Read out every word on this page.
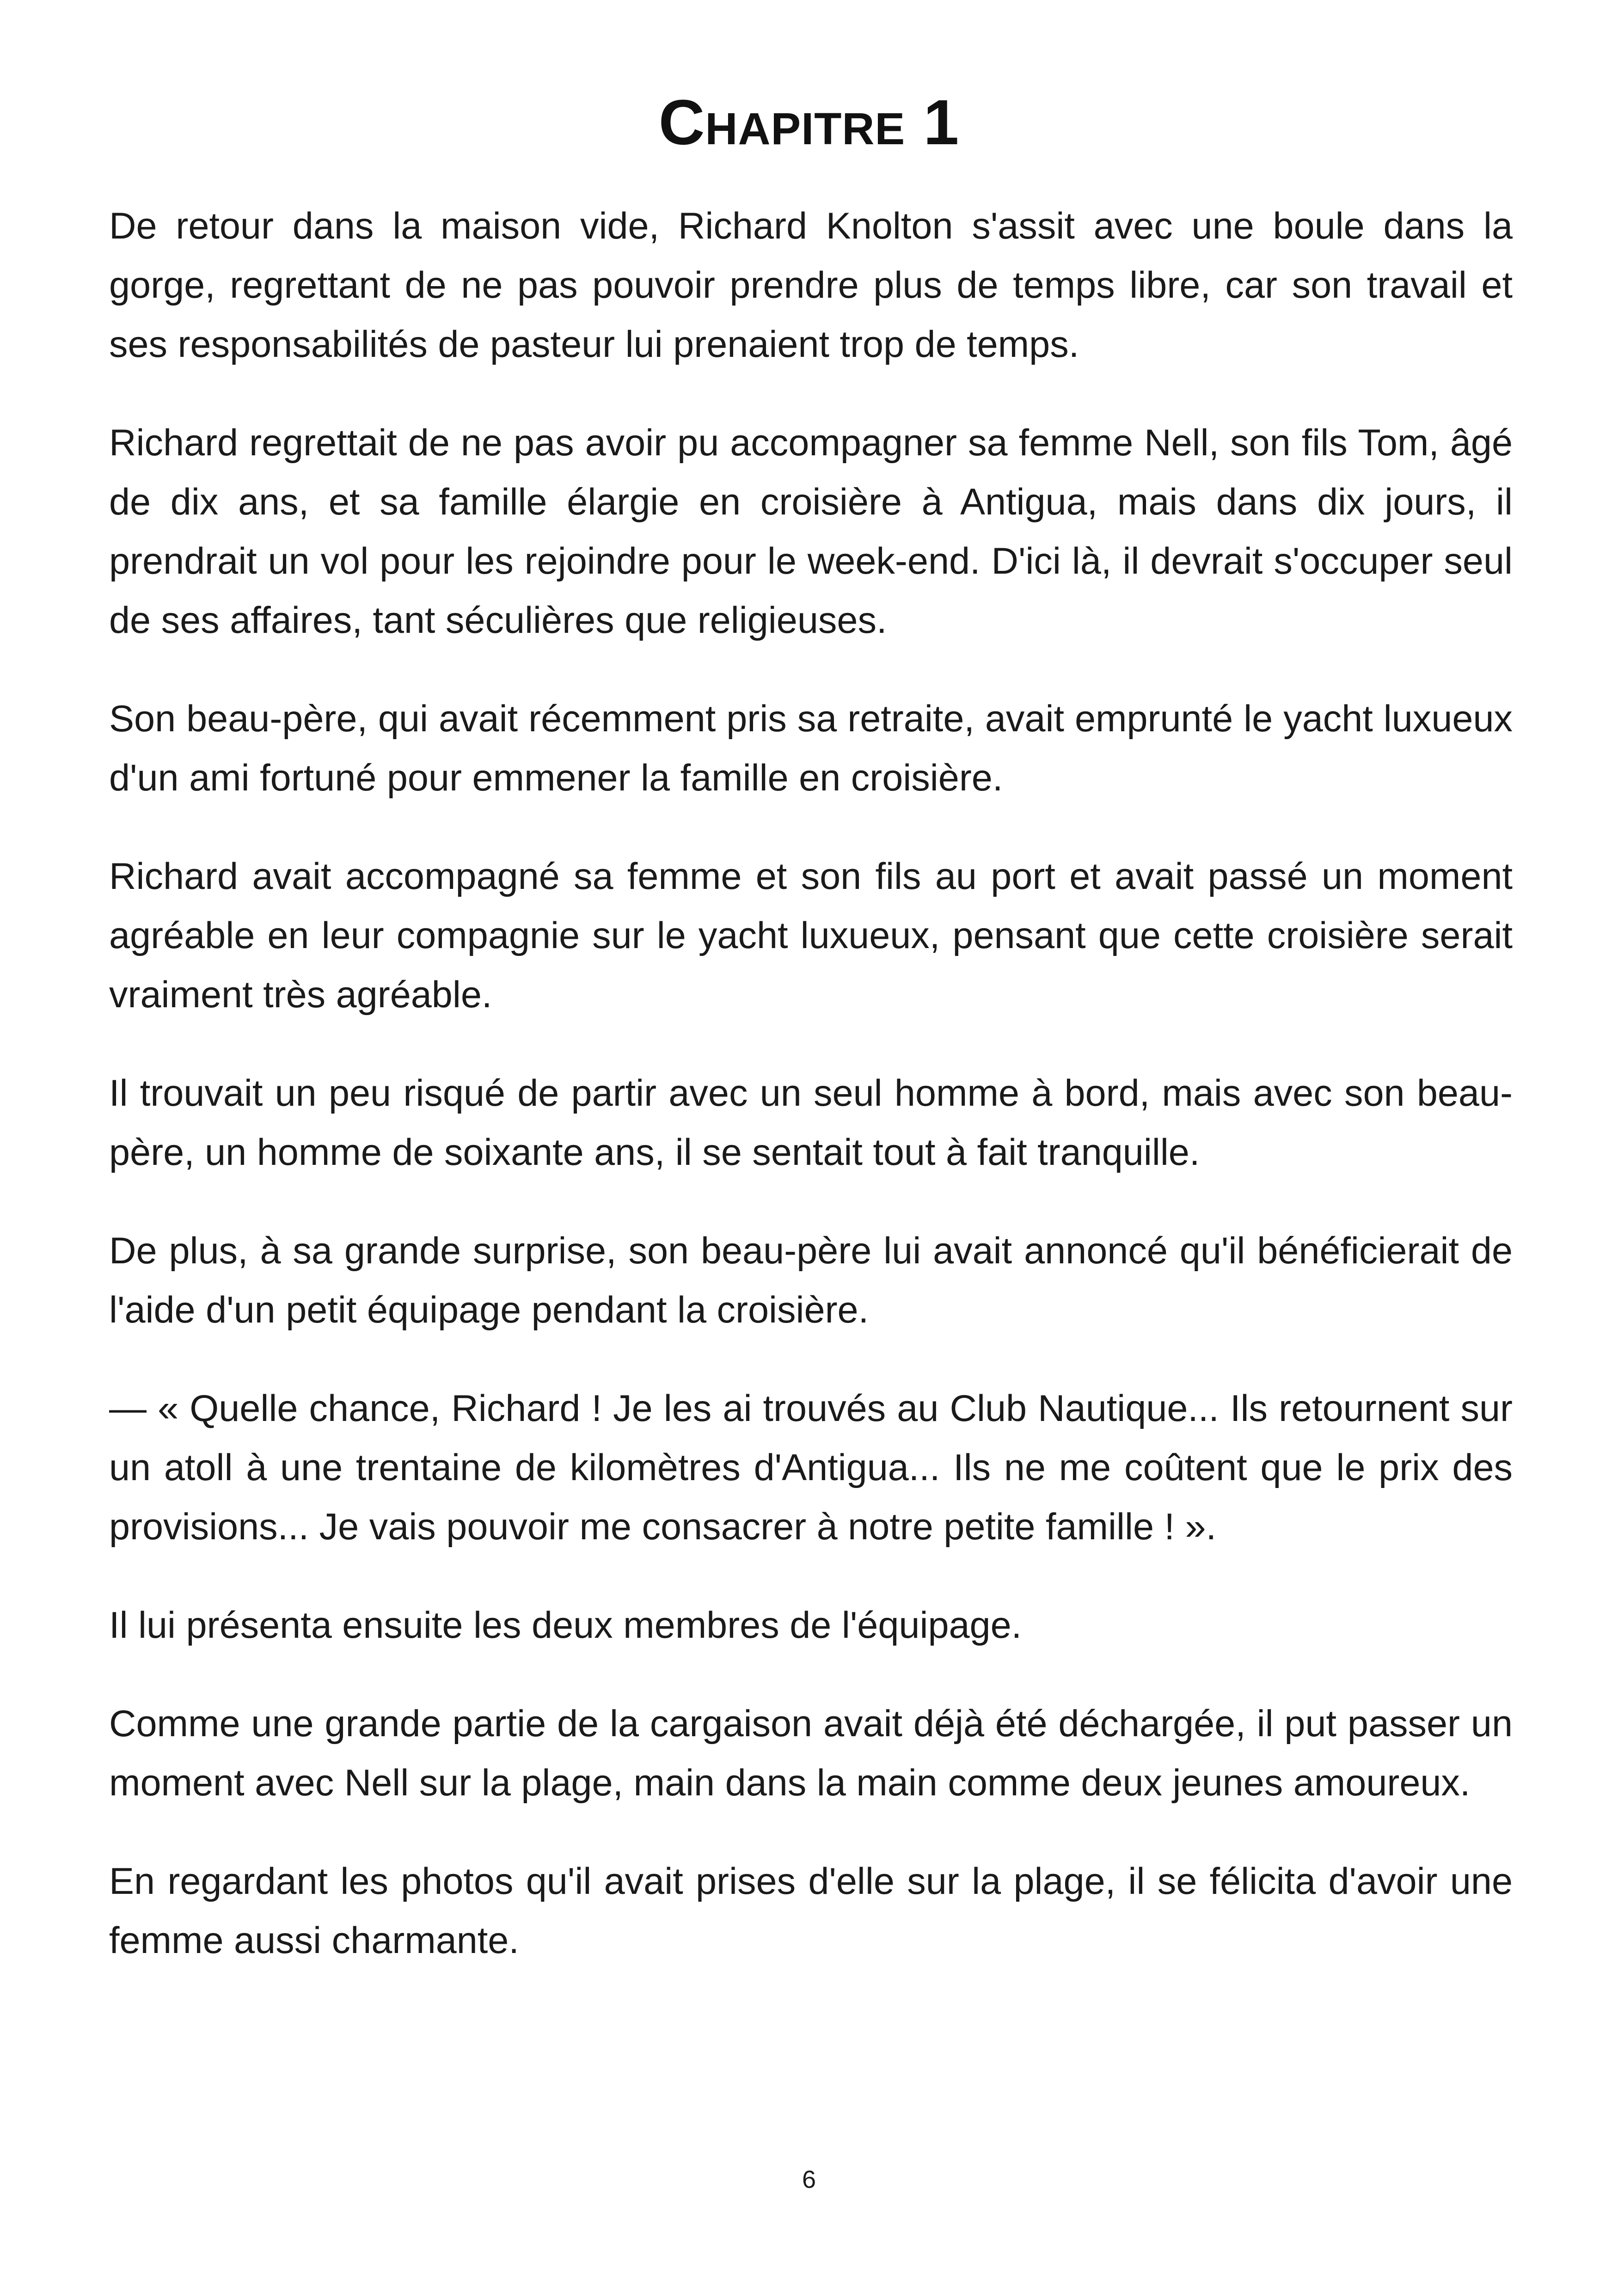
Chapitre 1

De retour dans la maison vide, Richard Knolton s'assit avec une boule dans la gorge, regrettant de ne pas pouvoir prendre plus de temps libre, car son travail et ses responsabilités de pasteur lui prenaient trop de temps.

Richard regrettait de ne pas avoir pu accompagner sa femme Nell, son fils Tom, âgé de dix ans, et sa famille élargie en croisière à Antigua, mais dans dix jours, il prendrait un vol pour les rejoindre pour le week-end. D'ici là, il devrait s'occuper seul de ses affaires, tant séculières que religieuses.

Son beau-père, qui avait récemment pris sa retraite, avait emprunté le yacht luxueux d'un ami fortuné pour emmener la famille en croisière.

Richard avait accompagné sa femme et son fils au port et avait passé un moment agréable en leur compagnie sur le yacht luxueux, pensant que cette croisière serait vraiment très agréable.

Il trouvait un peu risqué de partir avec un seul homme à bord, mais avec son beau-père, un homme de soixante ans, il se sentait tout à fait tranquille.

De plus, à sa grande surprise, son beau-père lui avait annoncé qu'il bénéficierait de l'aide d'un petit équipage pendant la croisière.

— « Quelle chance, Richard ! Je les ai trouvés au Club Nautique... Ils retournent sur un atoll à une trentaine de kilomètres d'Antigua... Ils ne me coûtent que le prix des provisions... Je vais pouvoir me consacrer à notre petite famille ! ».

Il lui présenta ensuite les deux membres de l'équipage.

Comme une grande partie de la cargaison avait déjà été déchargée, il put passer un moment avec Nell sur la plage, main dans la main comme deux jeunes amoureux.

En regardant les photos qu'il avait prises d'elle sur la plage, il se félicita d'avoir une femme aussi charmante.

6
